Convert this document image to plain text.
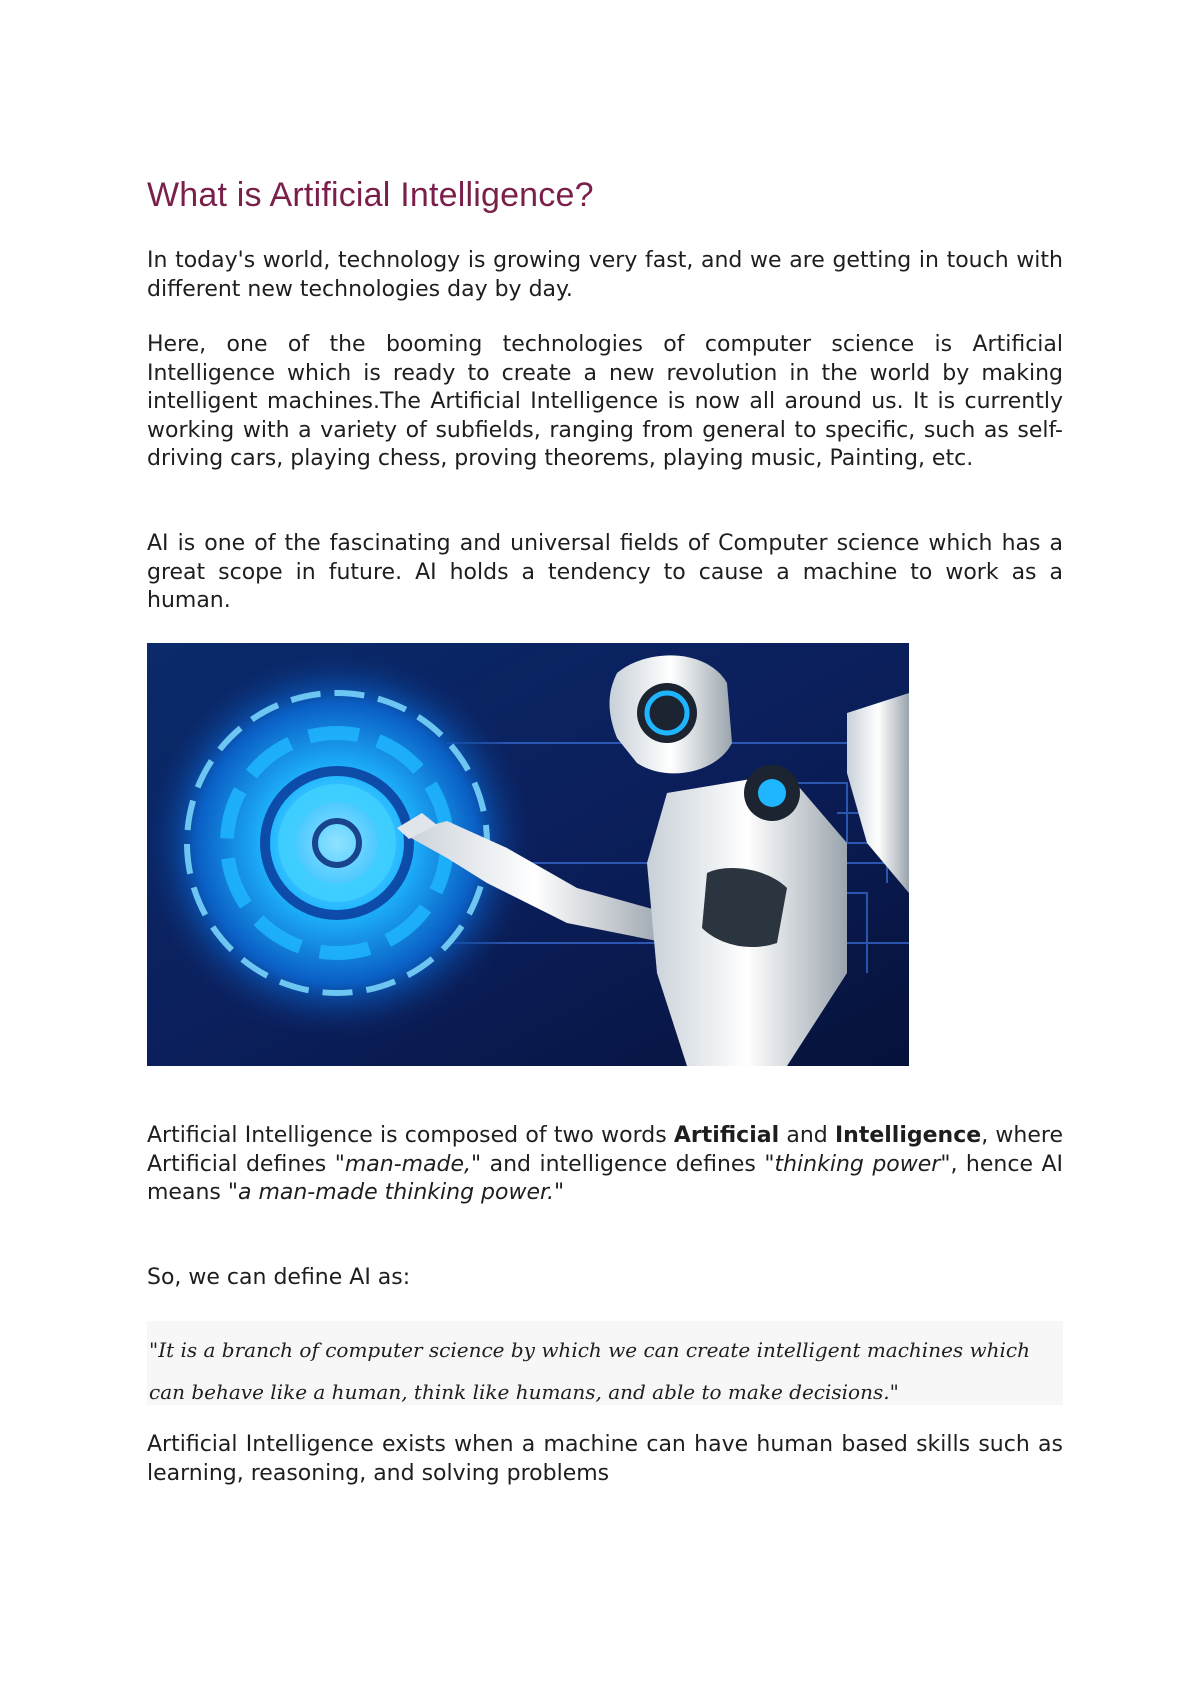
What is Artificial Intelligence?

In today's world, technology is growing very fast, and we are getting in touch with different new technologies day by day.

Here, one of the booming technologies of computer science is Artificial Intelligence which is ready to create a new revolution in the world by making intelligent machines.The Artificial Intelligence is now all around us. It is currently working with a variety of subfields, ranging from general to specific, such as self-driving cars, playing chess, proving theorems, playing music, Painting, etc.

AI is one of the fascinating and universal fields of Computer science which has a great scope in future. AI holds a tendency to cause a machine to work as a human.

Artificial Intelligence is composed of two words Artificial and Intelligence, where Artificial defines "man-made," and intelligence defines "thinking power", hence AI means "a man-made thinking power."

So, we can define AI as:

"It is a branch of computer science by which we can create intelligent machines which can behave like a human, think like humans, and able to make decisions."

Artificial Intelligence exists when a machine can have human based skills such as learning, reasoning, and solving problems
